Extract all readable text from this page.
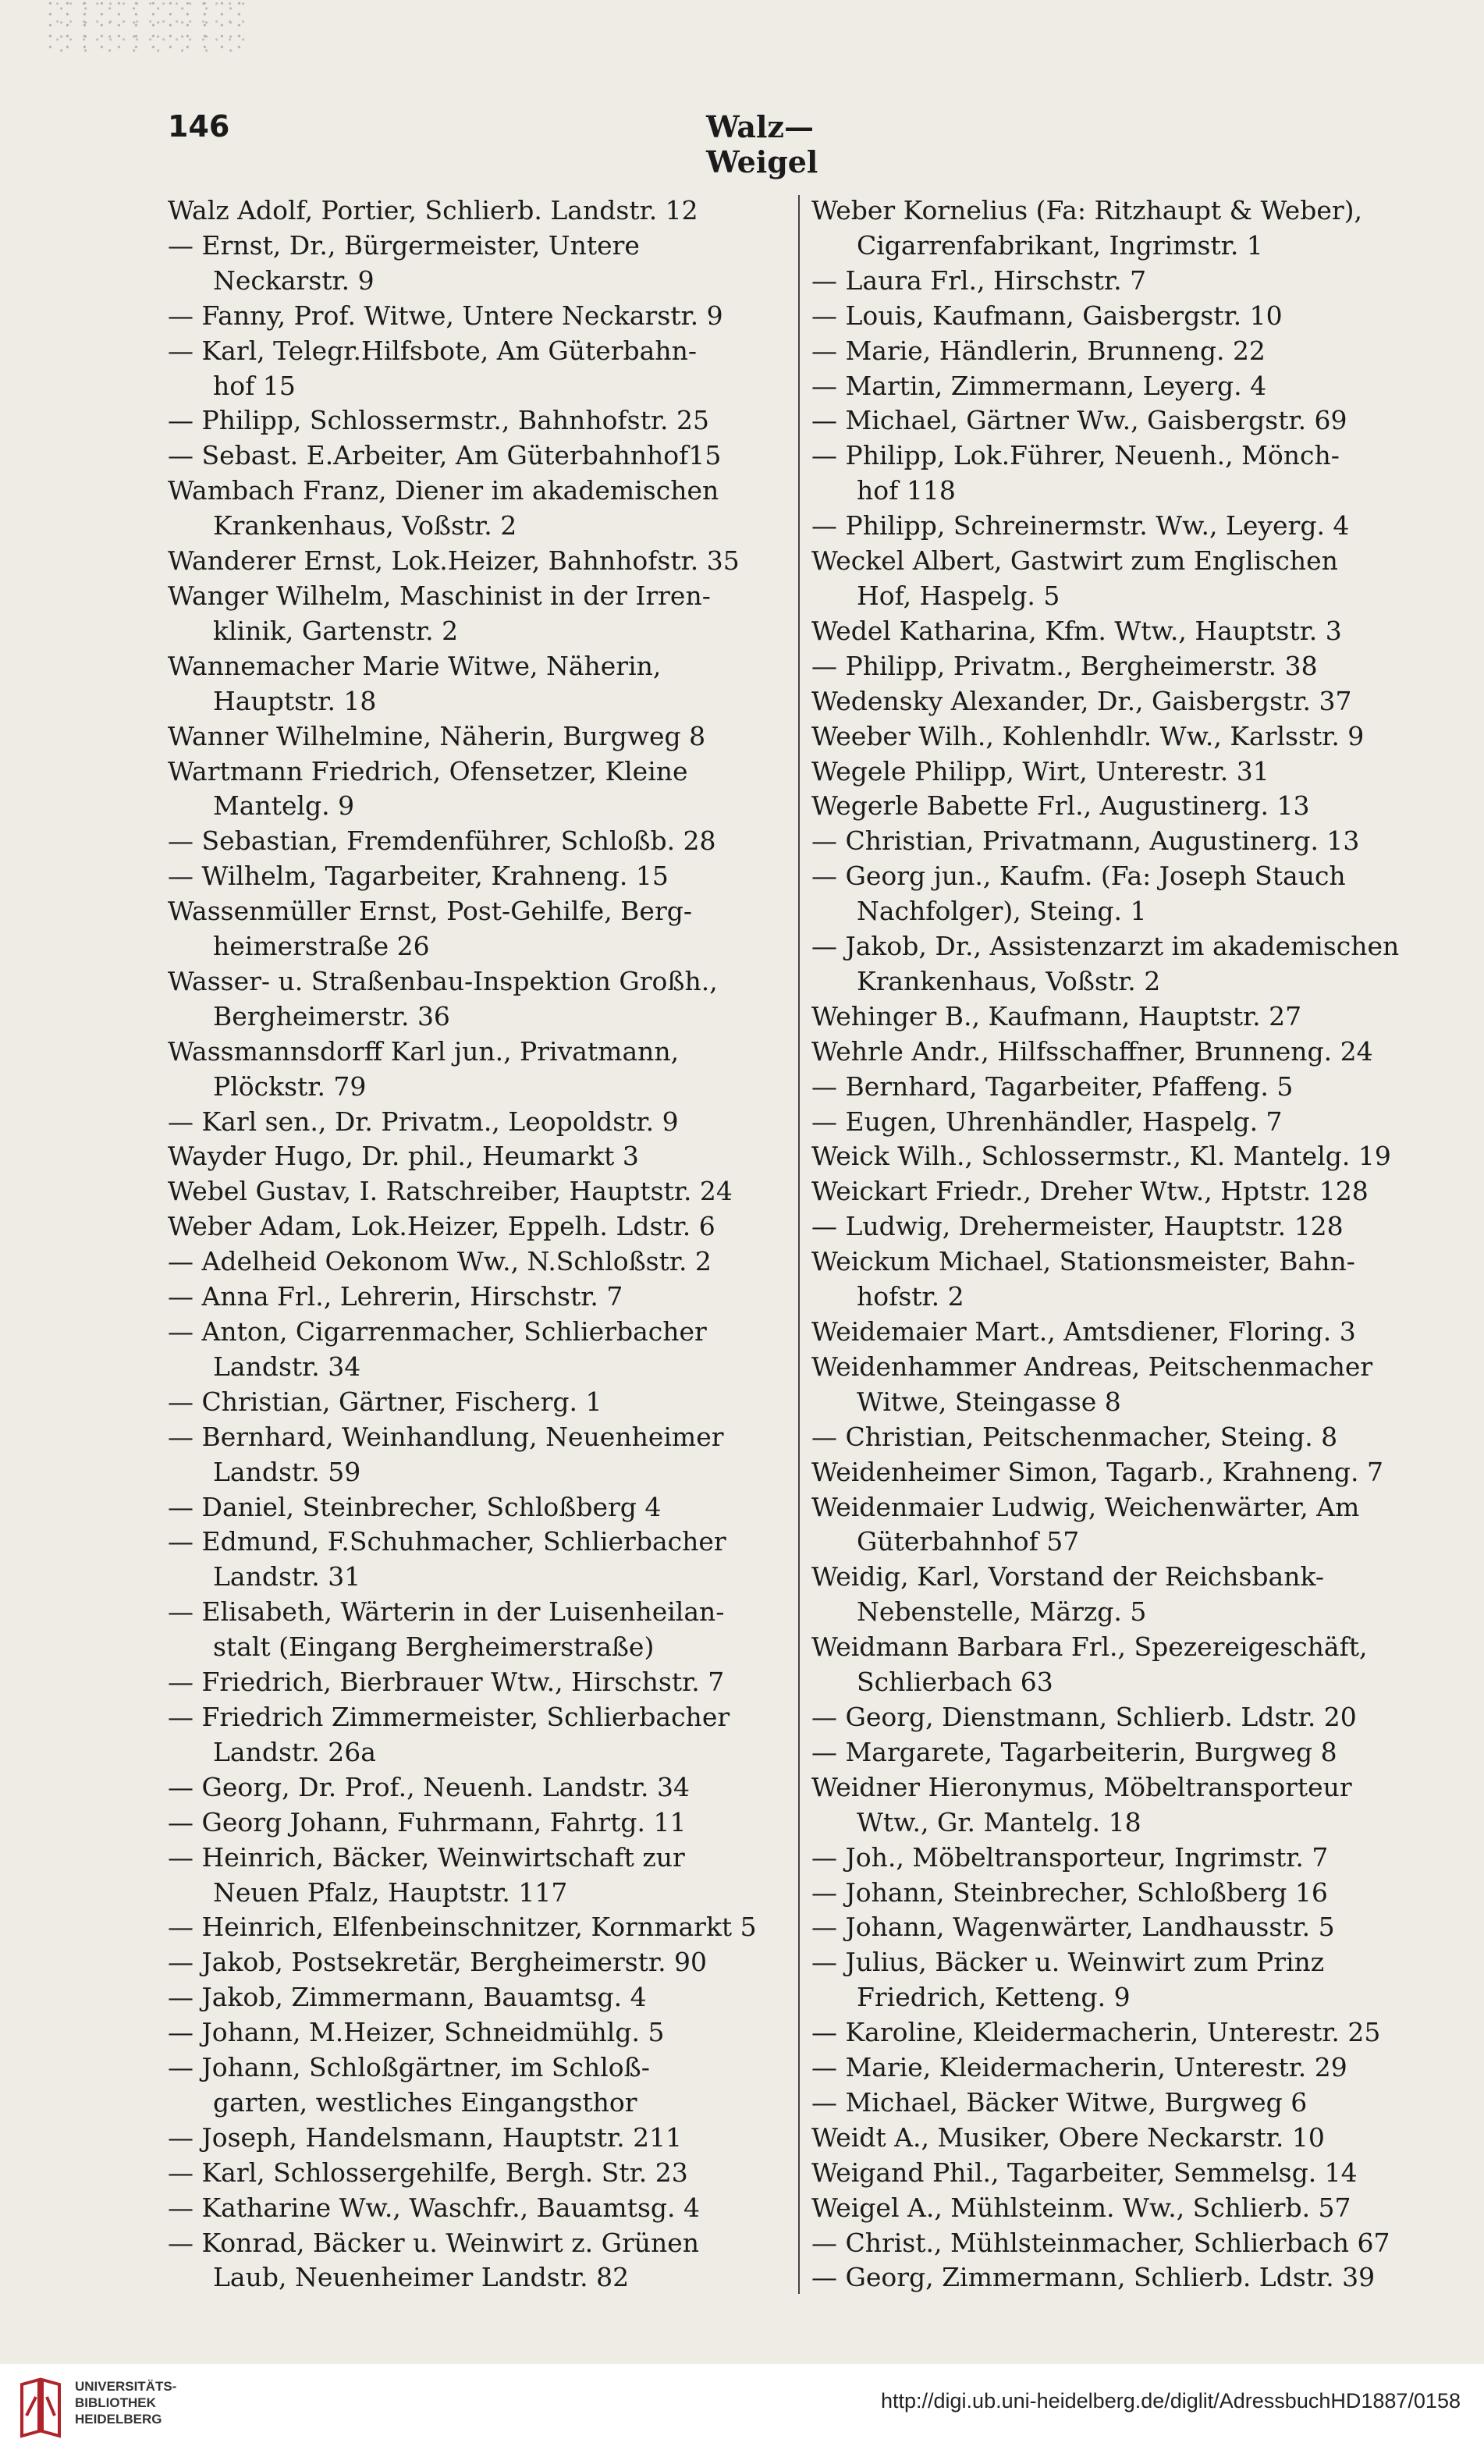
146	Walz—Weigel
Walz Adolf, Portier, Schlierb. Landstr. 12
— Ernst, Dr., Bürgermeister, Untere
Neckarstr. 9
— Fanny, Prof. Witwe, Untere Neckarstr. 9
— Karl, Telegr.Hilfsbote, Am Güterbahn-
hof 15
— Philipp, Schlossermstr., Bahnhofstr. 25
— Sebast. E.Arbeiter, Am Güterbahnhof15
Wambach Franz, Diener im akademischen
Krankenhaus, Voßstr. 2
Wanderer Ernst, Lok.Heizer, Bahnhofstr. 35
Wanger Wilhelm, Maschinist in der Irren-
klinik, Gartenstr. 2
Wannemacher Marie Witwe, Näherin,
Hauptstr. 18
Wanner Wilhelmine, Näherin, Burgweg 8
Wartmann Friedrich, Ofensetzer, Kleine
Mantelg. 9
— Sebastian, Fremdenführer, Schloßb. 28
— Wilhelm, Tagarbeiter, Krahneng. 15
Wassenmüller Ernst, Post-Gehilfe, Berg-
heimerstraße 26
Wasser- u. Straßenbau-Inspektion Großh.,
Bergheimerstr. 36
Wassmannsdorff Karl jun., Privatmann,
Plöckstr. 79
— Karl sen., Dr. Privatm., Leopoldstr. 9
Wayder Hugo, Dr. phil., Heumarkt 3
Webel Gustav, I. Ratschreiber, Hauptstr. 24
Weber Adam, Lok.Heizer, Eppelh. Ldstr. 6
— Adelheid Oekonom Ww., N.Schloßstr. 2
— Anna Frl., Lehrerin, Hirschstr. 7
— Anton, Cigarrenmacher, Schlierbacher
Landstr. 34
— Christian, Gärtner, Fischerg. 1
— Bernhard, Weinhandlung, Neuenheimer
Landstr. 59
— Daniel, Steinbrecher, Schloßberg 4
— Edmund, F.Schuhmacher, Schlierbacher
Landstr. 31
— Elisabeth, Wärterin in der Luisenheilan-
stalt (Eingang Bergheimerstraße)
— Friedrich, Bierbrauer Wtw., Hirschstr. 7
— Friedrich Zimmermeister, Schlierbacher
Landstr. 26a
— Georg, Dr. Prof., Neuenh. Landstr. 34
— Georg Johann, Fuhrmann, Fahrtg. 11
— Heinrich, Bäcker, Weinwirtschaft zur
Neuen Pfalz, Hauptstr. 117
— Heinrich, Elfenbeinschnitzer, Kornmarkt 5
— Jakob, Postsekretär, Bergheimerstr. 90
— Jakob, Zimmermann, Bauamtsg. 4
— Johann, M.Heizer, Schneidmühlg. 5
— Johann, Schloßgärtner, im Schloß-
garten, westliches Eingangsthor
— Joseph, Handelsmann, Hauptstr. 211
— Karl, Schlossergehilfe, Bergh. Str. 23
— Katharine Ww., Waschfr., Bauamtsg. 4
— Konrad, Bäcker u. Weinwirt z. Grünen
Laub, Neuenheimer Landstr. 82
Weber Kornelius (Fa: Ritzhaupt & Weber),
Cigarrenfabrikant, Ingrimstr. 1
— Laura Frl., Hirschstr. 7
— Louis, Kaufmann, Gaisbergstr. 10
— Marie, Händlerin, Brunneng. 22
— Martin, Zimmermann, Leyerg. 4
— Michael, Gärtner Ww., Gaisbergstr. 69
— Philipp, Lok.Führer, Neuenh., Mönch-
hof 118
— Philipp, Schreinermstr. Ww., Leyerg. 4
Weckel Albert, Gastwirt zum Englischen
Hof, Haspelg. 5
Wedel Katharina, Kfm. Wtw., Hauptstr. 3
— Philipp, Privatm., Bergheimerstr. 38
Wedensky Alexander, Dr., Gaisbergstr. 37
Weeber Wilh., Kohlenhdlr. Ww., Karlsstr. 9
Wegele Philipp, Wirt, Unterestr. 31
Wegerle Babette Frl., Augustinerg. 13
— Christian, Privatmann, Augustinerg. 13
— Georg jun., Kaufm. (Fa: Joseph Stauch
Nachfolger), Steing. 1
— Jakob, Dr., Assistenzarzt im akademischen
Krankenhaus, Voßstr. 2
Wehinger B., Kaufmann, Hauptstr. 27
Wehrle Andr., Hilfsschaffner, Brunneng. 24
— Bernhard, Tagarbeiter, Pfaffeng. 5
— Eugen, Uhrenhändler, Haspelg. 7
Weick Wilh., Schlossermstr., Kl. Mantelg. 19
Weickart Friedr., Dreher Wtw., Hptstr. 128
— Ludwig, Drehermeister, Hauptstr. 128
Weickum Michael, Stationsmeister, Bahn-
hofstr. 2
Weidemaier Mart., Amtsdiener, Floring. 3
Weidenhammer Andreas, Peitschenmacher
Witwe, Steingasse 8
— Christian, Peitschenmacher, Steing. 8
Weidenheimer Simon, Tagarb., Krahneng. 7
Weidenmaier Ludwig, Weichenwärter, Am
Güterbahnhof 57
Weidig, Karl, Vorstand der Reichsbank-
Nebenstelle, Märzg. 5
Weidmann Barbara Frl., Spezereigeschäft,
Schlierbach 63
— Georg, Dienstmann, Schlierb. Ldstr. 20
— Margarete, Tagarbeiterin, Burgweg 8
Weidner Hieronymus, Möbeltransporteur
Wtw., Gr. Mantelg. 18
— Joh., Möbeltransporteur, Ingrimstr. 7
— Johann, Steinbrecher, Schloßberg 16
— Johann, Wagenwärter, Landhausstr. 5
— Julius, Bäcker u. Weinwirt zum Prinz
Friedrich, Ketteng. 9
— Karoline, Kleidermacherin, Unterestr. 25
— Marie, Kleidermacherin, Unterestr. 29
— Michael, Bäcker Witwe, Burgweg 6
Weidt A., Musiker, Obere Neckarstr. 10
Weigand Phil., Tagarbeiter, Semmelsg. 14
Weigel A., Mühlsteinm. Ww., Schlierb. 57
— Christ., Mühlsteinmacher, Schlierbach 67
— Georg, Zimmermann, Schlierb. Ldstr. 39
UNIVERSITÄTS-
BIBLIOTHEK
HEIDELBERG
http://digi.ub.uni-heidelberg.de/diglit/AdressbuchHD1887/0158
